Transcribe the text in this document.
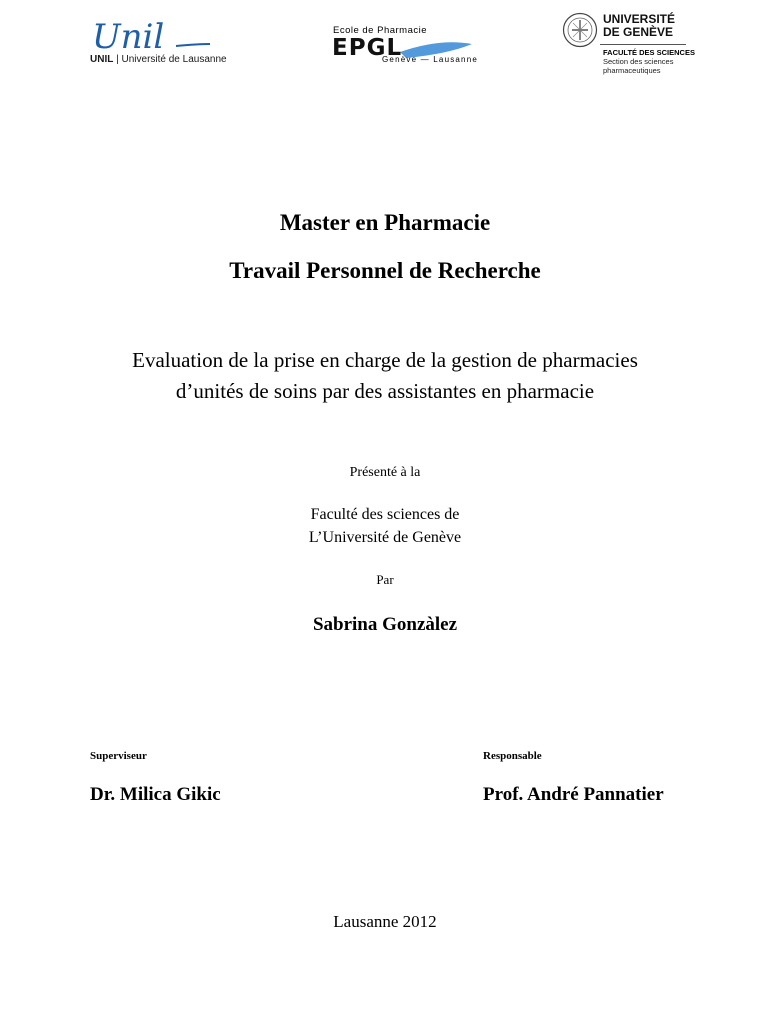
Unil
UNIL | Université de Lausanne	EPGL
Ecole de Pharmacie
Genève — Lausanne
UNIVERSITÉ
DE GENÈVE
FACULTÉ DES SCIENCES
Section des sciences
pharmaceutiques
Master en Pharmacie
Travail Personnel de Recherche
Evaluation de la prise en charge de la gestion de pharmacies
d’unités de soins par des assistantes en pharmacie
Présenté à la
Faculté des sciences de
L’Université de Genève
Par
Sabrina Gonzàlez
Superviseur
Dr. Milica Gikic
Responsable
Prof. André Pannatier
Lausanne 2012
